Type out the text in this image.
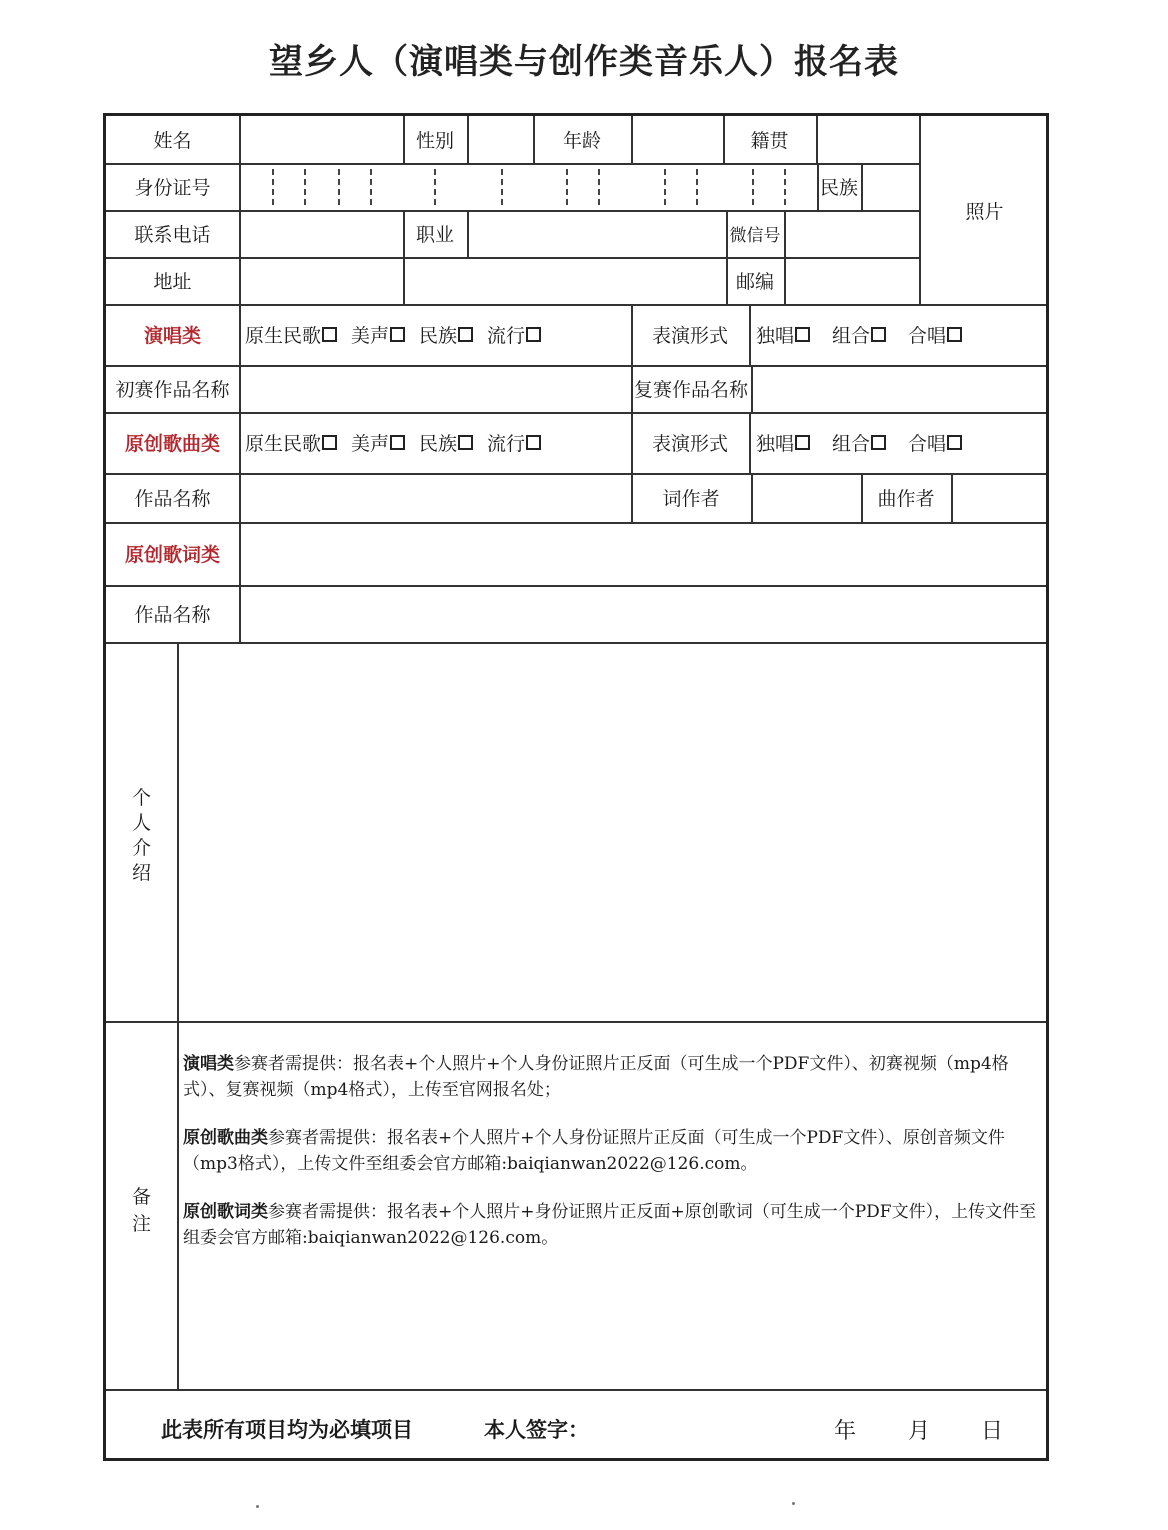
望乡人（演唱类与创作类音乐人）报名表
姓名	性别	年龄	籍贯
照片
身份证号	民族
联系电话	职业	微信号
地址	邮编
演唱类	原生民歌 美声 民族 流行	表演形式	独唱 组合 合唱
初赛作品名称	复赛作品名称
原创歌曲类	原生民歌 美声 民族 流行	表演形式	独唱 组合 合唱
作品名称	词作者	曲作者
原创歌词类
作品名称
个
人
介
绍
备
注

演唱类参赛者需提供：报名表+个人照片+个人身份证照片正反面（可生成一个PDF文件）、初赛视频（mp4格式）、复赛视频（mp4格式），上传至官网报名处；

原创歌曲类参赛者需提供：报名表+个人照片+个人身份证照片正反面（可生成一个PDF文件）、原创音频文件（mp3格式），上传文件至组委会官方邮箱:baiqianwan2022@126.com。

原创歌词类参赛者需提供：报名表+个人照片+身份证照片正反面+原创歌词（可生成一个PDF文件），上传文件至组委会官方邮箱:baiqianwan2022@126.com。

此表所有项目均为必填项目	本人签字：	年 月 日
